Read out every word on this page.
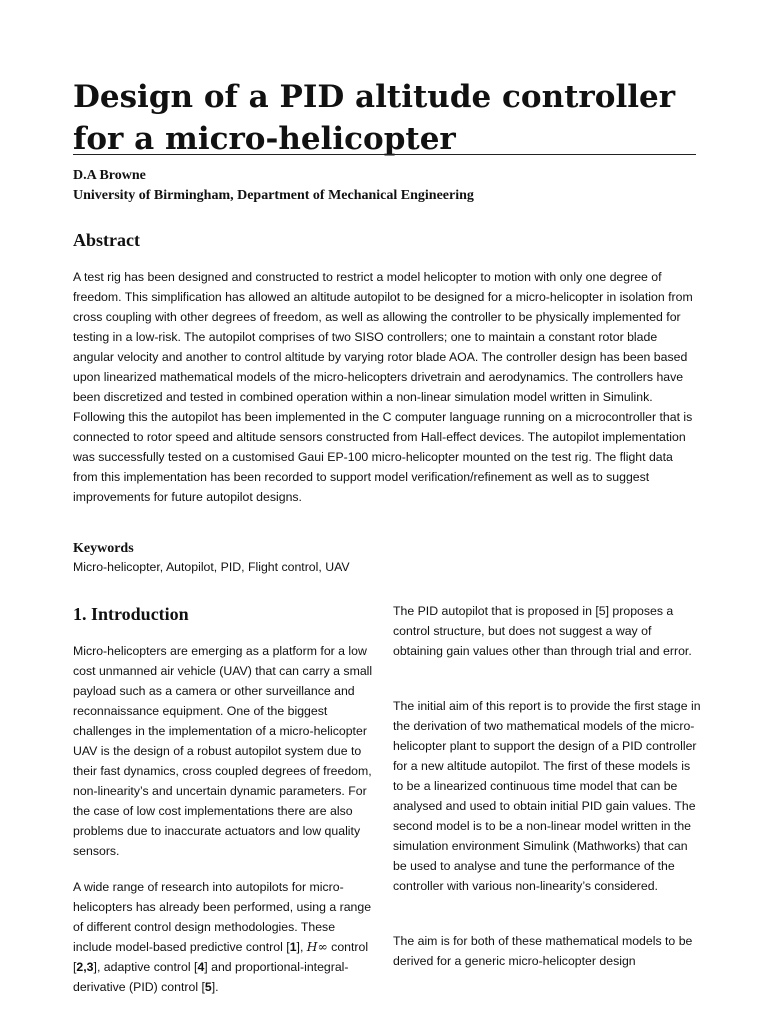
Design of a PID altitude controller for a micro-helicopter
D.A Browne
University of Birmingham, Department of Mechanical Engineering
Abstract

A test rig has been designed and constructed to restrict a model helicopter to motion with only one degree of freedom. This simplification has allowed an altitude autopilot to be designed for a micro-helicopter in isolation from cross coupling with other degrees of freedom, as well as allowing the controller to be physically implemented for testing in a low-risk. The autopilot comprises of two SISO controllers; one to maintain a constant rotor blade angular velocity and another to control altitude by varying rotor blade AOA. The controller design has been based upon linearized mathematical models of the micro-helicopters drivetrain and aerodynamics. The controllers have been discretized and tested in combined operation within a non-linear simulation model written in Simulink. Following this the autopilot has been implemented in the C computer language running on a microcontroller that is connected to rotor speed and altitude sensors constructed from Hall-effect devices. The autopilot implementation was successfully tested on a customised Gaui EP-100 micro-helicopter mounted on the test rig. The flight data from this implementation has been recorded to support model verification/refinement as well as to suggest improvements for future autopilot designs.

Keywords

Micro-helicopter, Autopilot, PID, Flight control, UAV

1. Introduction

Micro-helicopters are emerging as a platform for a low cost unmanned air vehicle (UAV) that can carry a small payload such as a camera or other surveillance and reconnaissance equipment. One of the biggest challenges in the implementation of a micro-helicopter UAV is the design of a robust autopilot system due to their fast dynamics, cross coupled degrees of freedom, non-linearity’s and uncertain dynamic parameters. For the case of low cost implementations there are also problems due to inaccurate actuators and low quality sensors.

A wide range of research into autopilots for micro-helicopters has already been performed, using a range of different control design methodologies. These include model-based predictive control [1], H∞ control [2,3], adaptive control [4] and proportional-integral-derivative (PID) control [5].

The PID autopilot that is proposed in [5] proposes a control structure, but does not suggest a way of obtaining gain values other than through trial and error.

The initial aim of this report is to provide the first stage in the derivation of two mathematical models of the micro-helicopter plant to support the design of a PID controller for a new altitude autopilot. The first of these models is to be a linearized continuous time model that can be analysed and used to obtain initial PID gain values. The second model is to be a non-linear model written in the simulation environment Simulink (Mathworks) that can be used to analyse and tune the performance of the controller with various non-linearity’s considered.

The aim is for both of these mathematical models to be derived for a generic micro-helicopter design
